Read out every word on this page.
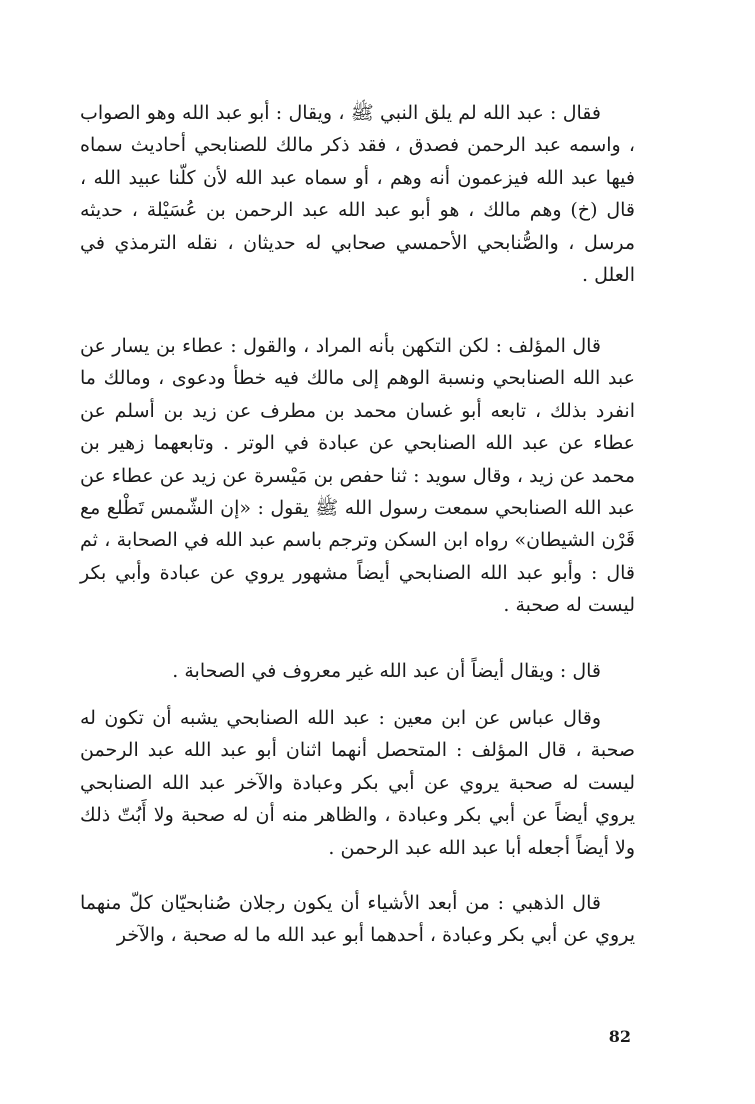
فقال : عبد الله لم يلق النبي ﷺ ، ويقال : أبو عبد الله وهو الصواب ، واسمه عبد الرحمن فصدق ، فقد ذكر مالك للصنابحي أحاديث سماه فيها عبد الله فيزعمون أنه وهم ، أو سماه عبد الله لأن كلّنا عبيد الله ، قال (خ) وهم مالك ، هو أبو عبد الله عبد الرحمن بن عُسَيْلة ، حديثه مرسل ، والصُّنابحي الأحمسي صحابي له حديثان ، نقله الترمذي في العلل .

قال المؤلف : لكن التكهن بأنه المراد ، والقول : عطاء بن يسار عن عبد الله الصنابحي ونسبة الوهم إلى مالك فيه خطأ ودعوى ، ومالك ما انفرد بذلك ، تابعه أبو غسان محمد بن مطرف عن زيد بن أسلم عن عطاء عن عبد الله الصنابحي عن عبادة في الوتر . وتابعهما زهير بن محمد عن زيد ، وقال سويد : ثنا حفص بن مَيْسرة عن زيد عن عطاء عن عبد الله الصنابحي سمعت رسول الله ﷺ يقول : «إن الشّمس تَطْلع مع قَرْن الشيطان» رواه ابن السكن وترجم باسم عبد الله في الصحابة ، ثم قال : وأبو عبد الله الصنابحي أيضاً مشهور يروي عن عبادة وأبي بكر ليست له صحبة .

قال : ويقال أيضاً أن عبد الله غير معروف في الصحابة .

وقال عباس عن ابن معين : عبد الله الصنابحي يشبه أن تكون له صحبة ، قال المؤلف : المتحصل أنهما اثنان أبو عبد الله عبد الرحمن ليست له صحبة يروي عن أبي بكر وعبادة والآخر عبد الله الصنابحي يروي أيضاً عن أبي بكر وعبادة ، والظاهر منه أن له صحبة ولا أَبُتّ ذلك ولا أيضاً أجعله أبا عبد الله عبد الرحمن .

قال الذهبي : من أبعد الأشياء أن يكون رجلان صُنابحيّان كلّ منهما يروي عن أبي بكر وعبادة ، أحدهما أبو عبد الله ما له صحبة ، والآخر

82
